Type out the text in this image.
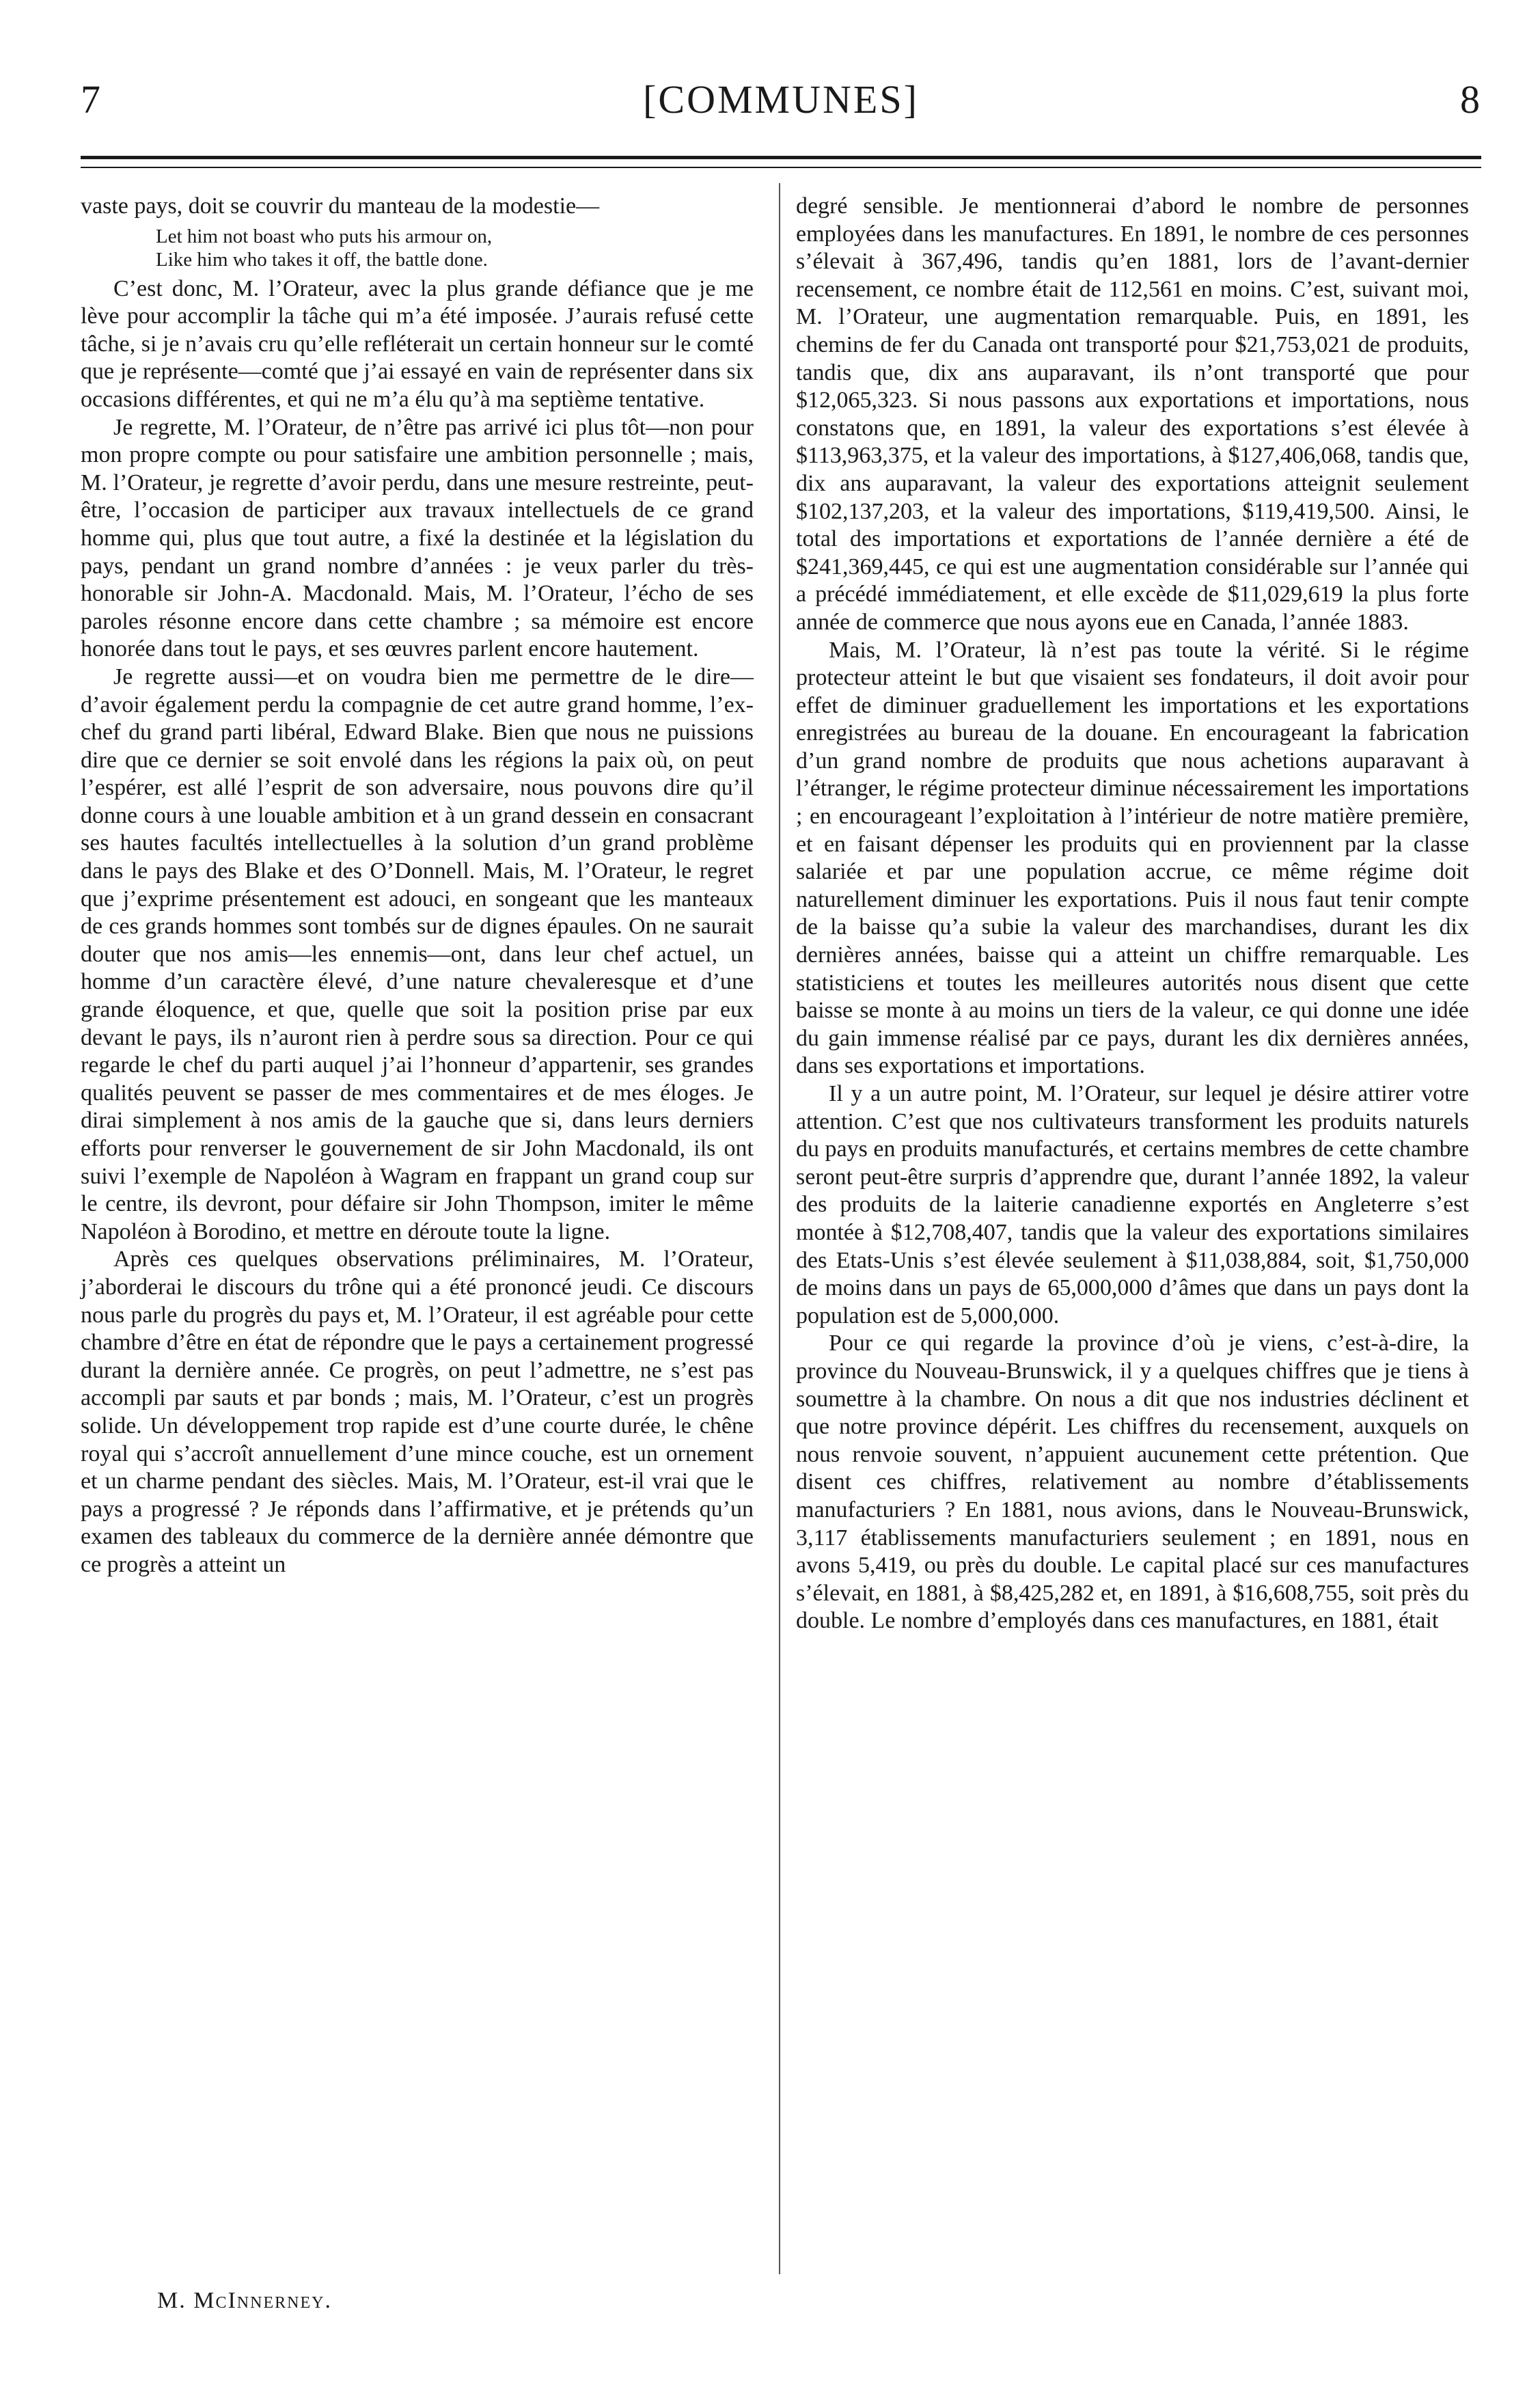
7	[COMMUNES]	8

vaste pays, doit se couvrir du manteau de la modestie—

Let him not boast who puts his armour on,
Like him who takes it off, the battle done.

C’est donc, M. l’Orateur, avec la plus grande défiance que je me lève pour accomplir la tâche qui m’a été imposée. J’aurais refusé cette tâche, si je n’avais cru qu’elle refléterait un certain honneur sur le comté que je représente—comté que j’ai essayé en vain de représenter dans six occasions différentes, et qui ne m’a élu qu’à ma septième tentative.

Je regrette, M. l’Orateur, de n’être pas arrivé ici plus tôt—non pour mon propre compte ou pour satisfaire une ambition personnelle ; mais, M. l’Orateur, je regrette d’avoir perdu, dans une mesure restreinte, peut-être, l’occasion de participer aux travaux intellectuels de ce grand homme qui, plus que tout autre, a fixé la destinée et la législation du pays, pendant un grand nombre d’années : je veux parler du très-honorable sir John-A. Macdonald. Mais, M. l’Orateur, l’écho de ses paroles résonne encore dans cette chambre ; sa mémoire est encore honorée dans tout le pays, et ses œuvres parlent encore hautement.

Je regrette aussi—et on voudra bien me permettre de le dire—d’avoir également perdu la compagnie de cet autre grand homme, l’ex-chef du grand parti libéral, Edward Blake. Bien que nous ne puissions dire que ce dernier se soit envolé dans les régions la paix où, on peut l’espérer, est allé l’esprit de son adversaire, nous pouvons dire qu’il donne cours à une louable ambition et à un grand dessein en consacrant ses hautes facultés intellectuelles à la solution d’un grand problème dans le pays des Blake et des O’Donnell. Mais, M. l’Orateur, le regret que j’exprime présentement est adouci, en songeant que les manteaux de ces grands hommes sont tombés sur de dignes épaules. On ne saurait douter que nos amis—les ennemis—ont, dans leur chef actuel, un homme d’un caractère élevé, d’une nature chevaleresque et d’une grande éloquence, et que, quelle que soit la position prise par eux devant le pays, ils n’auront rien à perdre sous sa direction. Pour ce qui regarde le chef du parti auquel j’ai l’honneur d’appartenir, ses grandes qualités peuvent se passer de mes commentaires et de mes éloges. Je dirai simplement à nos amis de la gauche que si, dans leurs derniers efforts pour renverser le gouvernement de sir John Macdonald, ils ont suivi l’exemple de Napoléon à Wagram en frappant un grand coup sur le centre, ils devront, pour défaire sir John Thompson, imiter le même Napoléon à Borodino, et mettre en déroute toute la ligne.

Après ces quelques observations préliminaires, M. l’Orateur, j’aborderai le discours du trône qui a été prononcé jeudi. Ce discours nous parle du progrès du pays et, M. l’Orateur, il est agréable pour cette chambre d’être en état de répondre que le pays a certainement progressé durant la dernière année. Ce progrès, on peut l’admettre, ne s’est pas accompli par sauts et par bonds ; mais, M. l’Orateur, c’est un progrès solide. Un développement trop rapide est d’une courte durée, le chêne royal qui s’accroît annuellement d’une mince couche, est un ornement et un charme pendant des siècles. Mais, M. l’Orateur, est-il vrai que le pays a progressé ? Je réponds dans l’affirmative, et je prétends qu’un examen des tableaux du commerce de la dernière année démontre que ce progrès a atteint un

M. McInnerney.

degré sensible. Je mentionnerai d’abord le nombre de personnes employées dans les manufactures. En 1891, le nombre de ces personnes s’élevait à 367,496, tandis qu’en 1881, lors de l’avant-dernier recensement, ce nombre était de 112,561 en moins. C’est, suivant moi, M. l’Orateur, une augmentation remarquable. Puis, en 1891, les chemins de fer du Canada ont transporté pour $21,753,021 de produits, tandis que, dix ans auparavant, ils n’ont transporté que pour $12,065,323. Si nous passons aux exportations et importations, nous constatons que, en 1891, la valeur des exportations s’est élevée à $113,963,375, et la valeur des importations, à $127,406,068, tandis que, dix ans auparavant, la valeur des exportations atteignit seulement $102,137,203, et la valeur des importations, $119,419,500. Ainsi, le total des importations et exportations de l’année dernière a été de $241,369,445, ce qui est une augmentation considérable sur l’année qui a précédé immédiatement, et elle excède de $11,029,619 la plus forte année de commerce que nous ayons eue en Canada, l’année 1883.

Mais, M. l’Orateur, là n’est pas toute la vérité. Si le régime protecteur atteint le but que visaient ses fondateurs, il doit avoir pour effet de diminuer graduellement les importations et les exportations enregistrées au bureau de la douane. En encourageant la fabrication d’un grand nombre de produits que nous achetions auparavant à l’étranger, le régime protecteur diminue nécessairement les importations ; en encourageant l’exploitation à l’intérieur de notre matière première, et en faisant dépenser les produits qui en proviennent par la classe salariée et par une population accrue, ce même régime doit naturellement diminuer les exportations. Puis il nous faut tenir compte de la baisse qu’a subie la valeur des marchandises, durant les dix dernières années, baisse qui a atteint un chiffre remarquable. Les statisticiens et toutes les meilleures autorités nous disent que cette baisse se monte à au moins un tiers de la valeur, ce qui donne une idée du gain immense réalisé par ce pays, durant les dix dernières années, dans ses exportations et importations.

Il y a un autre point, M. l’Orateur, sur lequel je désire attirer votre attention. C’est que nos cultivateurs transforment les produits naturels du pays en produits manufacturés, et certains membres de cette chambre seront peut-être surpris d’apprendre que, durant l’année 1892, la valeur des produits de la laiterie canadienne exportés en Angleterre s’est montée à $12,708,407, tandis que la valeur des exportations similaires des Etats-Unis s’est élevée seulement à $11,038,884, soit, $1,750,000 de moins dans un pays de 65,000,000 d’âmes que dans un pays dont la population est de 5,000,000.

Pour ce qui regarde la province d’où je viens, c’est-à-dire, la province du Nouveau-Brunswick, il y a quelques chiffres que je tiens à soumettre à la chambre. On nous a dit que nos industries déclinent et que notre province dépérit. Les chiffres du recensement, auxquels on nous renvoie souvent, n’appuient aucunement cette prétention. Que disent ces chiffres, relativement au nombre d’établissements manufacturiers ? En 1881, nous avions, dans le Nouveau-Brunswick, 3,117 établissements manufacturiers seulement ; en 1891, nous en avons 5,419, ou près du double. Le capital placé sur ces manufactures s’élevait, en 1881, à $8,425,282 et, en 1891, à $16,608,755, soit près du double. Le nombre d’employés dans ces manufactures, en 1881, était
